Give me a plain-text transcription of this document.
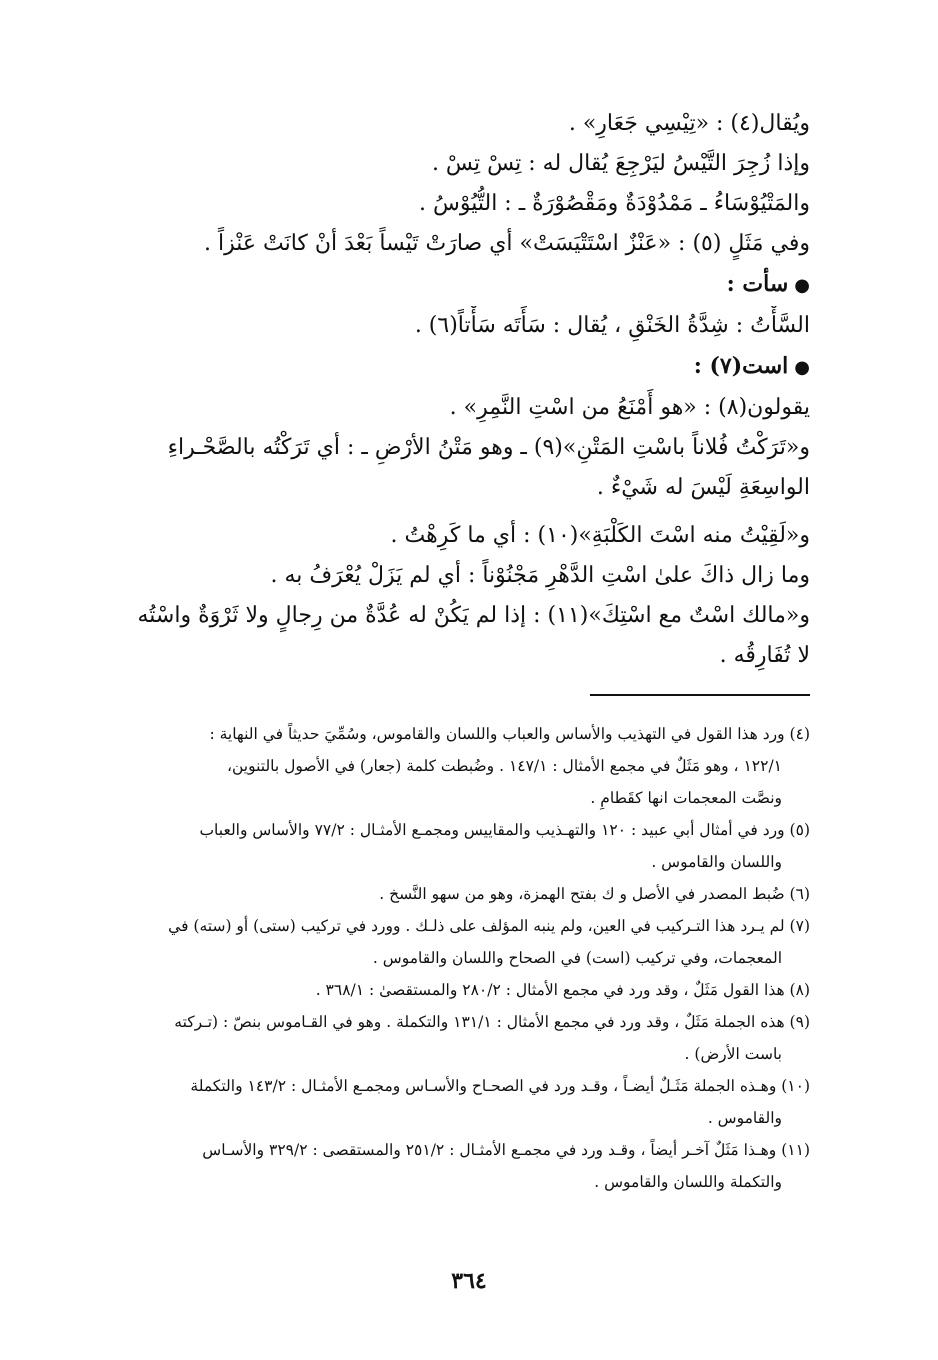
ويُقال(٤) : «تِيْسِي جَعَارِ» .

وإذا زُجِرَ التَّيْسُ ليَرْجِعَ يُقال له : تِسْ تِسْ .

والمَتْيُوْسَاءُ ـ مَمْدُوْدَةٌ ومَقْصُوْرَةٌ ـ : التُّيُوْسُ .

وفي مَثَلٍ (٥) : «عَنْزٌ اسْتَتْيَسَتْ» أي صارَتْ تَيْساً بَعْدَ أنْ كانَتْ عَنْزاً .

●سأت :

السَّأْتُ : شِدَّةُ الخَنْقِ ، يُقال : سَأَتَه سَأْتاً(٦) .

●است(٧) :

يقولون(٨) : «هو أَمْنَعُ من اسْتِ النَّمِرِ» .

و«تَرَكْتُ فُلاناً باسْتِ المَتْنِ»(٩) ـ وهو مَتْنُ الأرْضِ ـ : أي تَرَكْتُه بالصَّحْـراءِ

الواسِعَةِ لَيْسَ له شَيْءٌ .

و«لَقِيْتُ منه اسْتَ الكَلْبَةِ»(١٠) : أي ما كَرِهْتُ .

وما زال ذاكَ علىٰ اسْتِ الدَّهْرِ مَجْنُوْناً : أي لم يَزَلْ يُعْرَفُ به .

و«مالك اسْتٌ مع اسْتِكَ»(١١) : إذا لم يَكُنْ له عُدَّةٌ من رِجالٍ ولا ثَرْوَةٌ واسْتُه

لا تُفَارِقُه .

(٤) ورد هذا القول في التهذيب والأساس والعباب واللسان والقاموس، وسُمِّيَ حديثاً في النهاية :
١٢٢/١ ، وهو مَثَلٌ في مجمع الأمثال : ١٤٧/١ . وضُبطت كلمة (جعار) في الأصول بالتنوين،
ونصَّت المعجمات انها كقَطامِ .

(٥) ورد في أمثال أبي عبيد : ١٢٠ والتهـذيب والمقاييس ومجمـع الأمثـال : ٧٧/٢ والأساس والعباب
واللسان والقاموس .

(٦) ضُبط المصدر في الأصل و ك بفتح الهمزة، وهو من سهو النَّسخ .

(٧) لم يـرد هذا التـركيب في العين، ولم ينبه المؤلف على ذلـك . وورد في تركيب (ستى) أو (سته) في
المعجمات، وفي تركيب (است) في الصحاح واللسان والقاموس .

(٨) هذا القول مَثَلٌ ، وقد ورد في مجمع الأمثال : ٢٨٠/٢ والمستقصىٰ : ٣٦٨/١ .

(٩) هذه الجملة مَثَلٌ ، وقد ورد في مجمع الأمثال : ١٣١/١ والتكملة . وهو في القـاموس بنصّ : (تـركته
باست الأرض) .

(١٠) وهـذه الجملة مَثَـلٌ أيضـاً ، وقـد ورد في الصحـاح والأسـاس ومجمـع الأمثـال : ١٤٣/٢ والتكملة
والقاموس .

(١١) وهـذا مَثَلٌ آخـر أيضاً ، وقـد ورد في مجمـع الأمثـال : ٢٥١/٢ والمستقصى : ٣٢٩/٢ والأسـاس
والتكملة واللسان والقاموس .

٣٦٤
